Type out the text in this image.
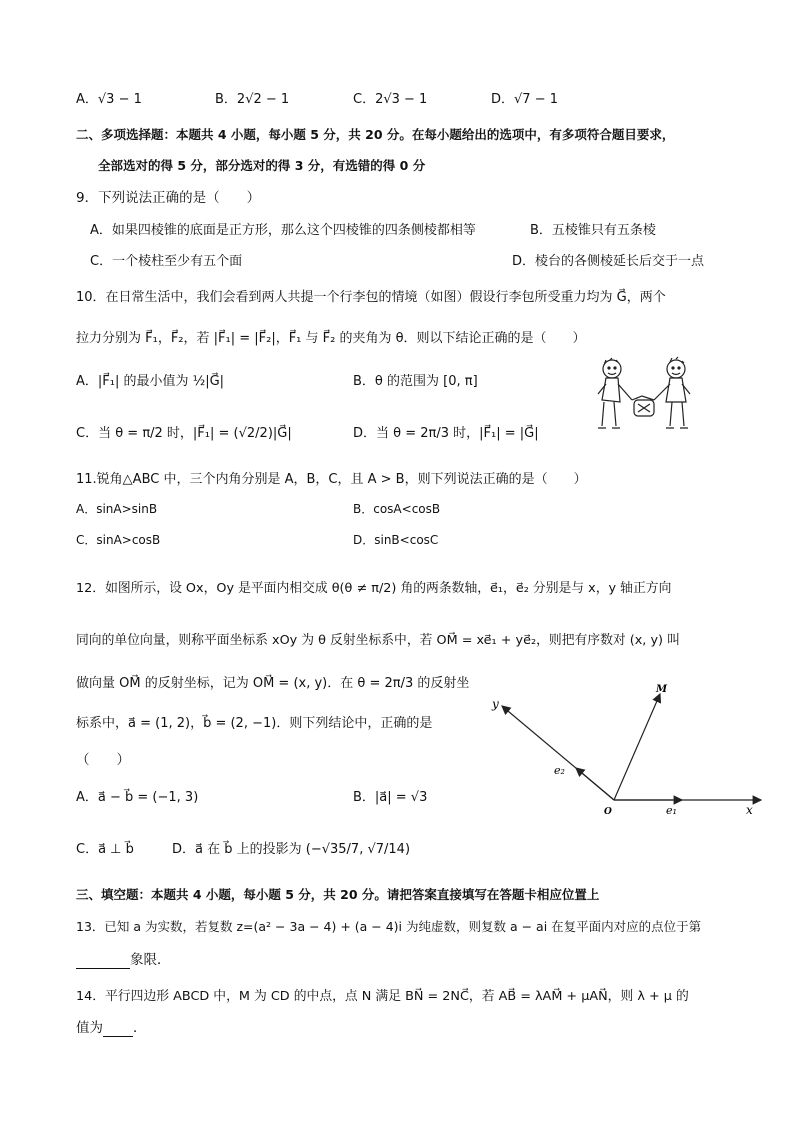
A．√3 − 1	B．2√2 − 1	C．2√3 − 1	D．√7 − 1
二、多项选择题：本题共 4 小题，每小题 5 分，共 20 分。在每小题给出的选项中，有多项符合题目要求，
全部选对的得 5 分，部分选对的得 3 分，有选错的得 0 分
9．下列说法正确的是（　　）
A．如果四棱锥的底面是正方形，那么这个四棱锥的四条侧棱都相等	B．五棱锥只有五条棱
C．一个棱柱至少有五个面	D．棱台的各侧棱延长后交于一点
10．在日常生活中，我们会看到两人共提一个行李包的情境（如图）假设行李包所受重力均为 G⃗，两个
拉力分别为 F⃗₁，F⃗₂，若 |F⃗₁| = |F⃗₂|，F⃗₁ 与 F⃗₂ 的夹角为 θ．则以下结论正确的是（　　）
A．|F⃗₁| 的最小值为 ½|G⃗|	B．θ 的范围为 [0, π]
C．当 θ = π/2 时，|F⃗₁| = (√2/2)|G⃗|	D．当 θ = 2π/3 时，|F⃗₁| = |G⃗|
11.锐角△ABC 中，三个内角分别是 A，B，C，且 A > B，则下列说法正确的是（　　）
A．sinA>sinB	B．cosA<cosB
C．sinA>cosB	D．sinB<cosC
12．如图所示，设 Ox，Oy 是平面内相交成 θ(θ ≠ π/2) 角的两条数轴，e⃗₁，e⃗₂ 分别是与 x，y 轴正方向
同向的单位向量，则称平面坐标系 xOy 为 θ 反射坐标系中，若 OM⃗ = xe⃗₁ + ye⃗₂，则把有序数对 (x, y) 叫
做向量 OM⃗ 的反射坐标，记为 OM⃗ = (x, y)．在 θ = 2π/3 的反射坐
标系中，a⃗ = (1, 2)，b⃗ = (2, −1)．则下列结论中，正确的是
（　　）
A．a⃗ − b⃗ = (−1, 3)	B．|a⃗| = √3
C．a⃗ ⊥ b⃗	D．a⃗ 在 b⃗ 上的投影为 (−√35/7, √7/14)
y
x
M
O	e₁
e₂
三、填空题：本题共 4 小题，每小题 5 分，共 20 分。请把答案直接填写在答题卡相应位置上
13．已知 a 为实数，若复数 z=(a² − 3a − 4) + (a − 4)i 为纯虚数，则复数 a − ai 在复平面内对应的点位于第
象限．
14．平行四边形 ABCD 中，M 为 CD 的中点，点 N 满足 BN⃗ = 2NC⃗，若 AB⃗ = λAM⃗ + μAN⃗，则 λ + μ 的
值为 ．
